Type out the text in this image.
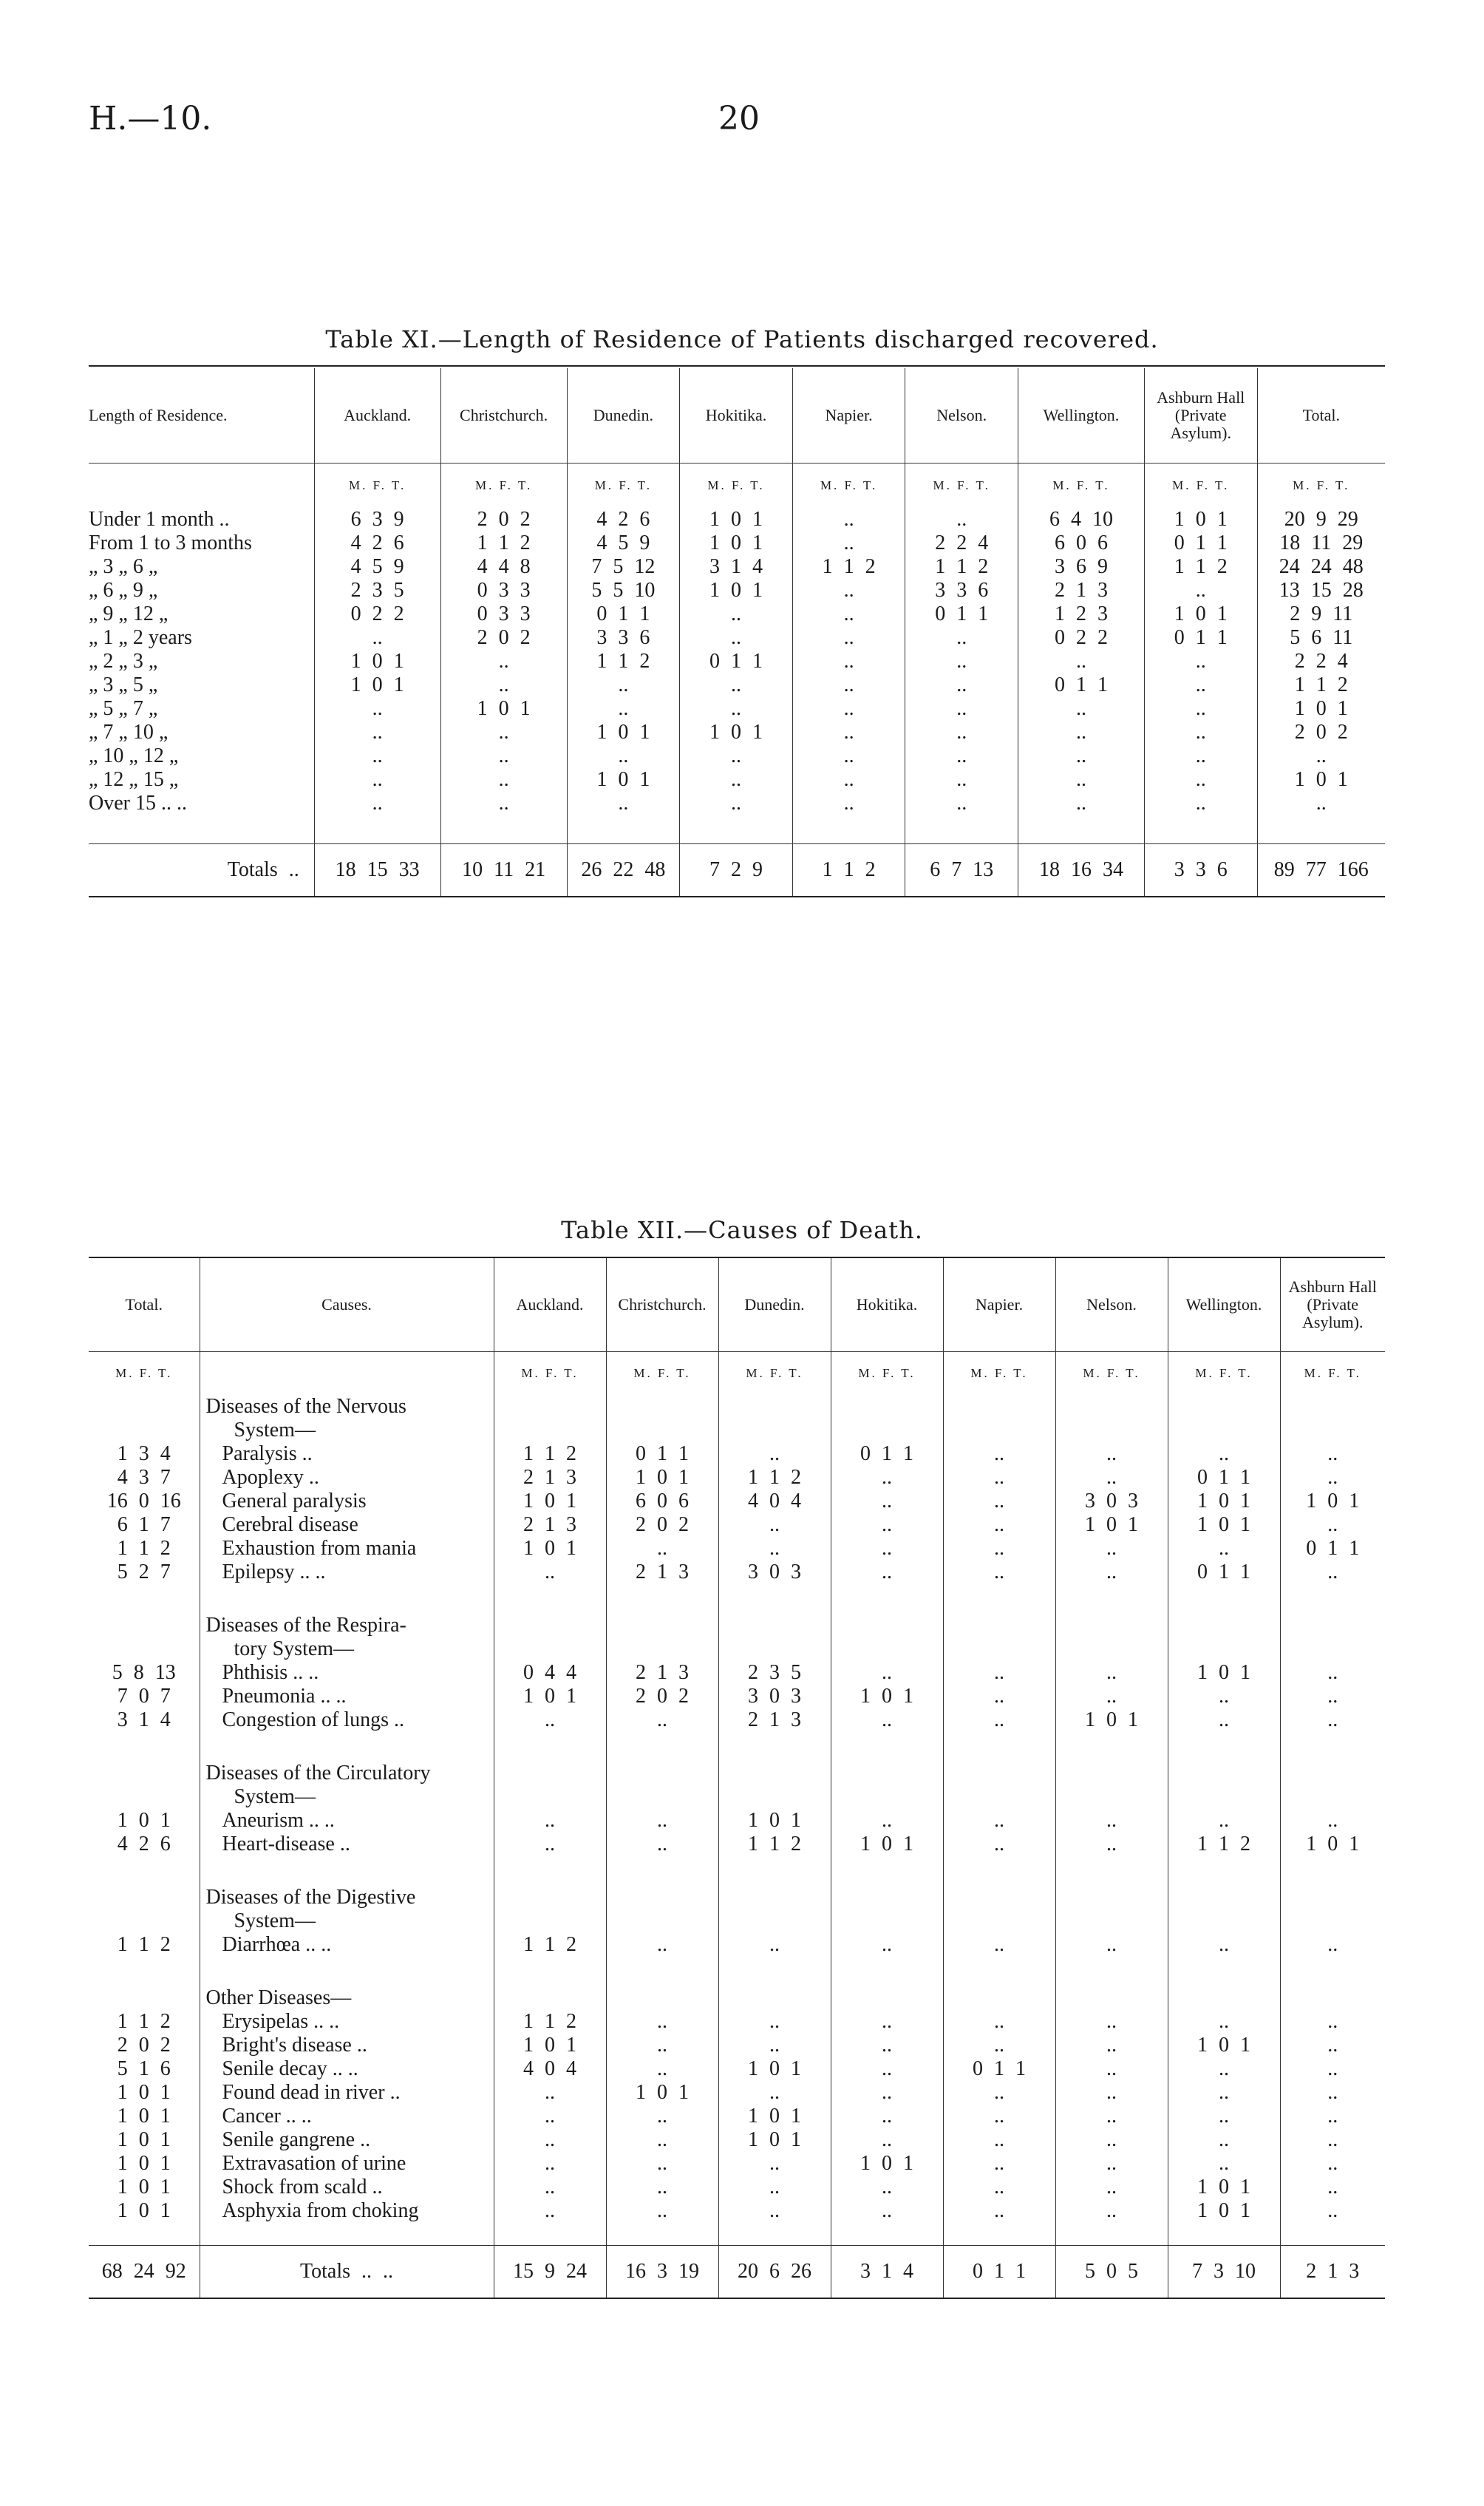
H.—10.	20
Table XI.—Length of Residence of Patients discharged recovered.
Length of Residence.	Auckland.	Christchurch.	Dunedin.	Hokitika.	Napier.	Nelson.	Wellington.	Ashburn Hall (Private Asylum).	Total.
	M. F. T.	M. F. T.	M. F. T.	M. F. T.	M. F. T.	M. F. T.	M. F. T.	M. F. T.	M. F. T.
Under 1 month ..	6 3 9	2 0 2	4 2 6	1 0 1	..	..	6 4 10	1 0 1	20 9 29
From 1 to 3 months	4 2 6	1 1 2	4 5 9	1 0 1	..	2 2 4	6 0 6	0 1 1	18 11 29
„ 3 „ 6 „	4 5 9	4 4 8	7 5 12	3 1 4	1 1 2	1 1 2	3 6 9	1 1 2	24 24 48
„ 6 „ 9 „	2 3 5	0 3 3	5 5 10	1 0 1	..	3 3 6	2 1 3	..	13 15 28
„ 9 „ 12 „	0 2 2	0 3 3	0 1 1	..	..	0 1 1	1 2 3	1 0 1	2 9 11
„ 1 „ 2 years	..	2 0 2	3 3 6	..	..	..	0 2 2	0 1 1	5 6 11
„ 2 „ 3 „	1 0 1	..	1 1 2	0 1 1	..	..	..	..	2 2 4
„ 3 „ 5 „	1 0 1	..	..	..	..	..	0 1 1	..	1 1 2
„ 5 „ 7 „	..	1 0 1	..	..	..	..	..	..	1 0 1
„ 7 „ 10 „	..	..	1 0 1	1 0 1	..	..	..	..	2 0 2
„ 10 „ 12 „	..	..	..	..	..	..	..	..	..
„ 12 „ 15 „	..	..	1 0 1	..	..	..	..	..	1 0 1
Over 15 .. ..	..	..	..	..	..	..	..	..	..

Totals ..	18 15 33	10 11 21	26 22 48	7 2 9	1 1 2	6 7 13	18 16 34	3 3 6	89 77 166
Table XII.—Causes of Death.
Total.	Causes.	Auckland.	Christchurch.	Dunedin.	Hokitika.	Napier.	Nelson.	Wellington.	Ashburn Hall (Private Asylum).
M. F. T.		M. F. T.	M. F. T.	M. F. T.	M. F. T.	M. F. T.	M. F. T.	M. F. T.	M. F. T.
	Diseases of the Nervous								
	System—								
1 3 4	Paralysis ..	1 1 2	0 1 1	..	0 1 1	..	..	..	..
4 3 7	Apoplexy ..	2 1 3	1 0 1	1 1 2	..	..	..	0 1 1	..
16 0 16	General paralysis	1 0 1	6 0 6	4 0 4	..	..	3 0 3	1 0 1	1 0 1
6 1 7	Cerebral disease	2 1 3	2 0 2	..	..	..	1 0 1	1 0 1	..
1 1 2	Exhaustion from mania	1 0 1	..	..	..	..	..	..	0 1 1
5 2 7	Epilepsy .. ..	..	2 1 3	3 0 3	..	..	..	0 1 1	..

	Diseases of the Respira-								
	tory System—								
5 8 13	Phthisis .. ..	0 4 4	2 1 3	2 3 5	..	..	..	1 0 1	..
7 0 7	Pneumonia .. ..	1 0 1	2 0 2	3 0 3	1 0 1	..	..	..	..
3 1 4	Congestion of lungs ..	..	..	2 1 3	..	..	1 0 1	..	..

	Diseases of the Circulatory								
	System—								
1 0 1	Aneurism .. ..	..	..	1 0 1	..	..	..	..	..
4 2 6	Heart-disease ..	..	..	1 1 2	1 0 1	..	..	1 1 2	1 0 1

	Diseases of the Digestive								
	System—								
1 1 2	Diarrhœa .. ..	1 1 2	..	..	..	..	..	..	..

	Other Diseases—								
1 1 2	Erysipelas .. ..	1 1 2	..	..	..	..	..	..	..
2 0 2	Bright's disease ..	1 0 1	..	..	..	..	..	1 0 1	..
5 1 6	Senile decay .. ..	4 0 4	..	1 0 1	..	0 1 1	..	..	..
1 0 1	Found dead in river ..	..	1 0 1	..	..	..	..	..	..
1 0 1	Cancer .. ..	..	..	1 0 1	..	..	..	..	..
1 0 1	Senile gangrene ..	..	..	1 0 1	..	..	..	..	..
1 0 1	Extravasation of urine	..	..	..	1 0 1	..	..	..	..
1 0 1	Shock from scald ..	..	..	..	..	..	..	1 0 1	..
1 0 1	Asphyxia from choking	..	..	..	..	..	..	1 0 1	..

68 24 92	Totals .. ..	15 9 24	16 3 19	20 6 26	3 1 4	0 1 1	5 0 5	7 3 10	2 1 3
